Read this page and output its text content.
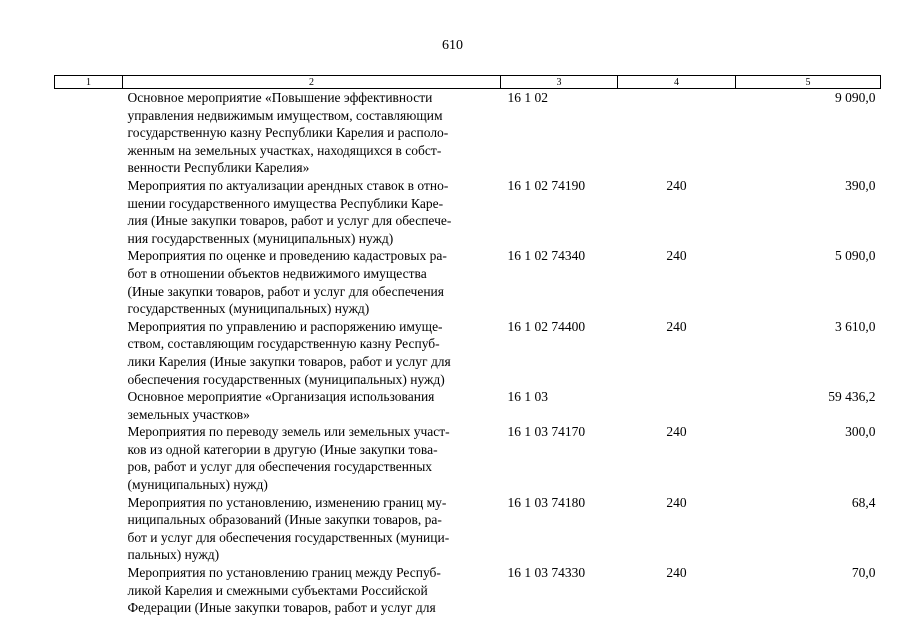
610
1	2	3	4	5

	Основное мероприятие «Повышение эффективности
управления недвижимым имуществом, составляющим
государственную казну Республики Карелия и располо-
женным на земельных участках, находящихся в собст-
венности Республики Карелия»	16 1 02		9 090,0

	Мероприятия по актуализации арендных ставок в отно-
шении государственного имущества Республики Каре-
лия (Иные закупки товаров, работ и услуг для обеспече-
ния государственных (муниципальных) нужд)	16 1 02 74190	240	390,0

	Мероприятия по оценке и проведению кадастровых ра-
бот в отношении объектов недвижимого имущества
(Иные закупки товаров, работ и услуг для обеспечения
государственных (муниципальных) нужд)	16 1 02 74340	240	5 090,0

	Мероприятия по управлению и распоряжению имуще-
ством, составляющим государственную казну Респуб-
лики Карелия (Иные закупки товаров, работ и услуг для
обеспечения государственных (муниципальных) нужд)	16 1 02 74400	240	3 610,0

	Основное мероприятие «Организация использования
земельных участков»	16 1 03		59 436,2

	Мероприятия по переводу земель или земельных участ-
ков из одной категории в другую (Иные закупки това-
ров, работ и услуг для обеспечения государственных
(муниципальных) нужд)	16 1 03 74170	240	300,0

	Мероприятия по установлению, изменению границ му-
ниципальных образований (Иные закупки товаров, ра-
бот и услуг для обеспечения государственных (муници-
пальных) нужд)	16 1 03 74180	240	68,4

	Мероприятия по установлению границ между Респуб-
ликой Карелия и смежными субъектами Российской
Федерации (Иные закупки товаров, работ и услуг для	16 1 03 74330	240	70,0
